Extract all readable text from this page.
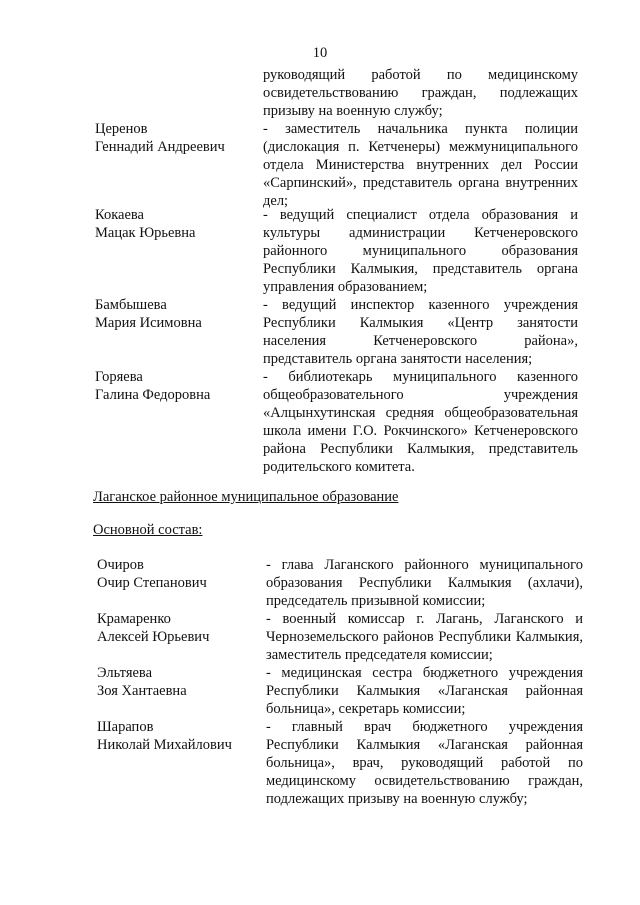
10

руководящий работой по медицинскому освидетельствованию граждан, подлежащих призыву на военную службу;

Церенов
Геннадий Андреевич

- заместитель начальника пункта полиции (дислокация п. Кетченеры) межмуниципального отдела Министерства внутренних дел России «Сарпинский», представитель органа внутренних дел;

Кокаева
Мацак Юрьевна

- ведущий специалист отдела образования и культуры администрации Кетченеровского районного муниципального образования Республики Калмыкия, представитель органа управления образованием;

Бамбышева
Мария Исимовна

- ведущий инспектор казенного учреждения Республики Калмыкия «Центр занятости населения Кетченеровского района», представитель органа занятости населения;

Горяева
Галина Федоровна

- библиотекарь муниципального казенного общеобразовательного учреждения «Алцынхутинская средняя общеобразовательная школа имени Г.О. Рокчинского» Кетченеровского района Республики Калмыкия, представитель родительского комитета.

Лаганское районное муниципальное образование
Основной состав:
Очиров
Очир Степанович

- глава Лаганского районного муниципального образования Республики Калмыкия (ахлачи), председатель призывной комиссии;

Крамаренко
Алексей Юрьевич

- военный комиссар г. Лагань, Лаганского и Черноземельского районов Республики Калмыкия, заместитель председателя комиссии;

Эльтяева
Зоя Хантаевна

- медицинская сестра бюджетного учреждения Республики Калмыкия «Лаганская районная больница», секретарь комиссии;

Шарапов
Николай Михайлович

- главный врач бюджетного учреждения Республики Калмыкия «Лаганская районная больница», врач, руководящий работой по медицинскому освидетельствованию граждан, подлежащих призыву на военную службу;
